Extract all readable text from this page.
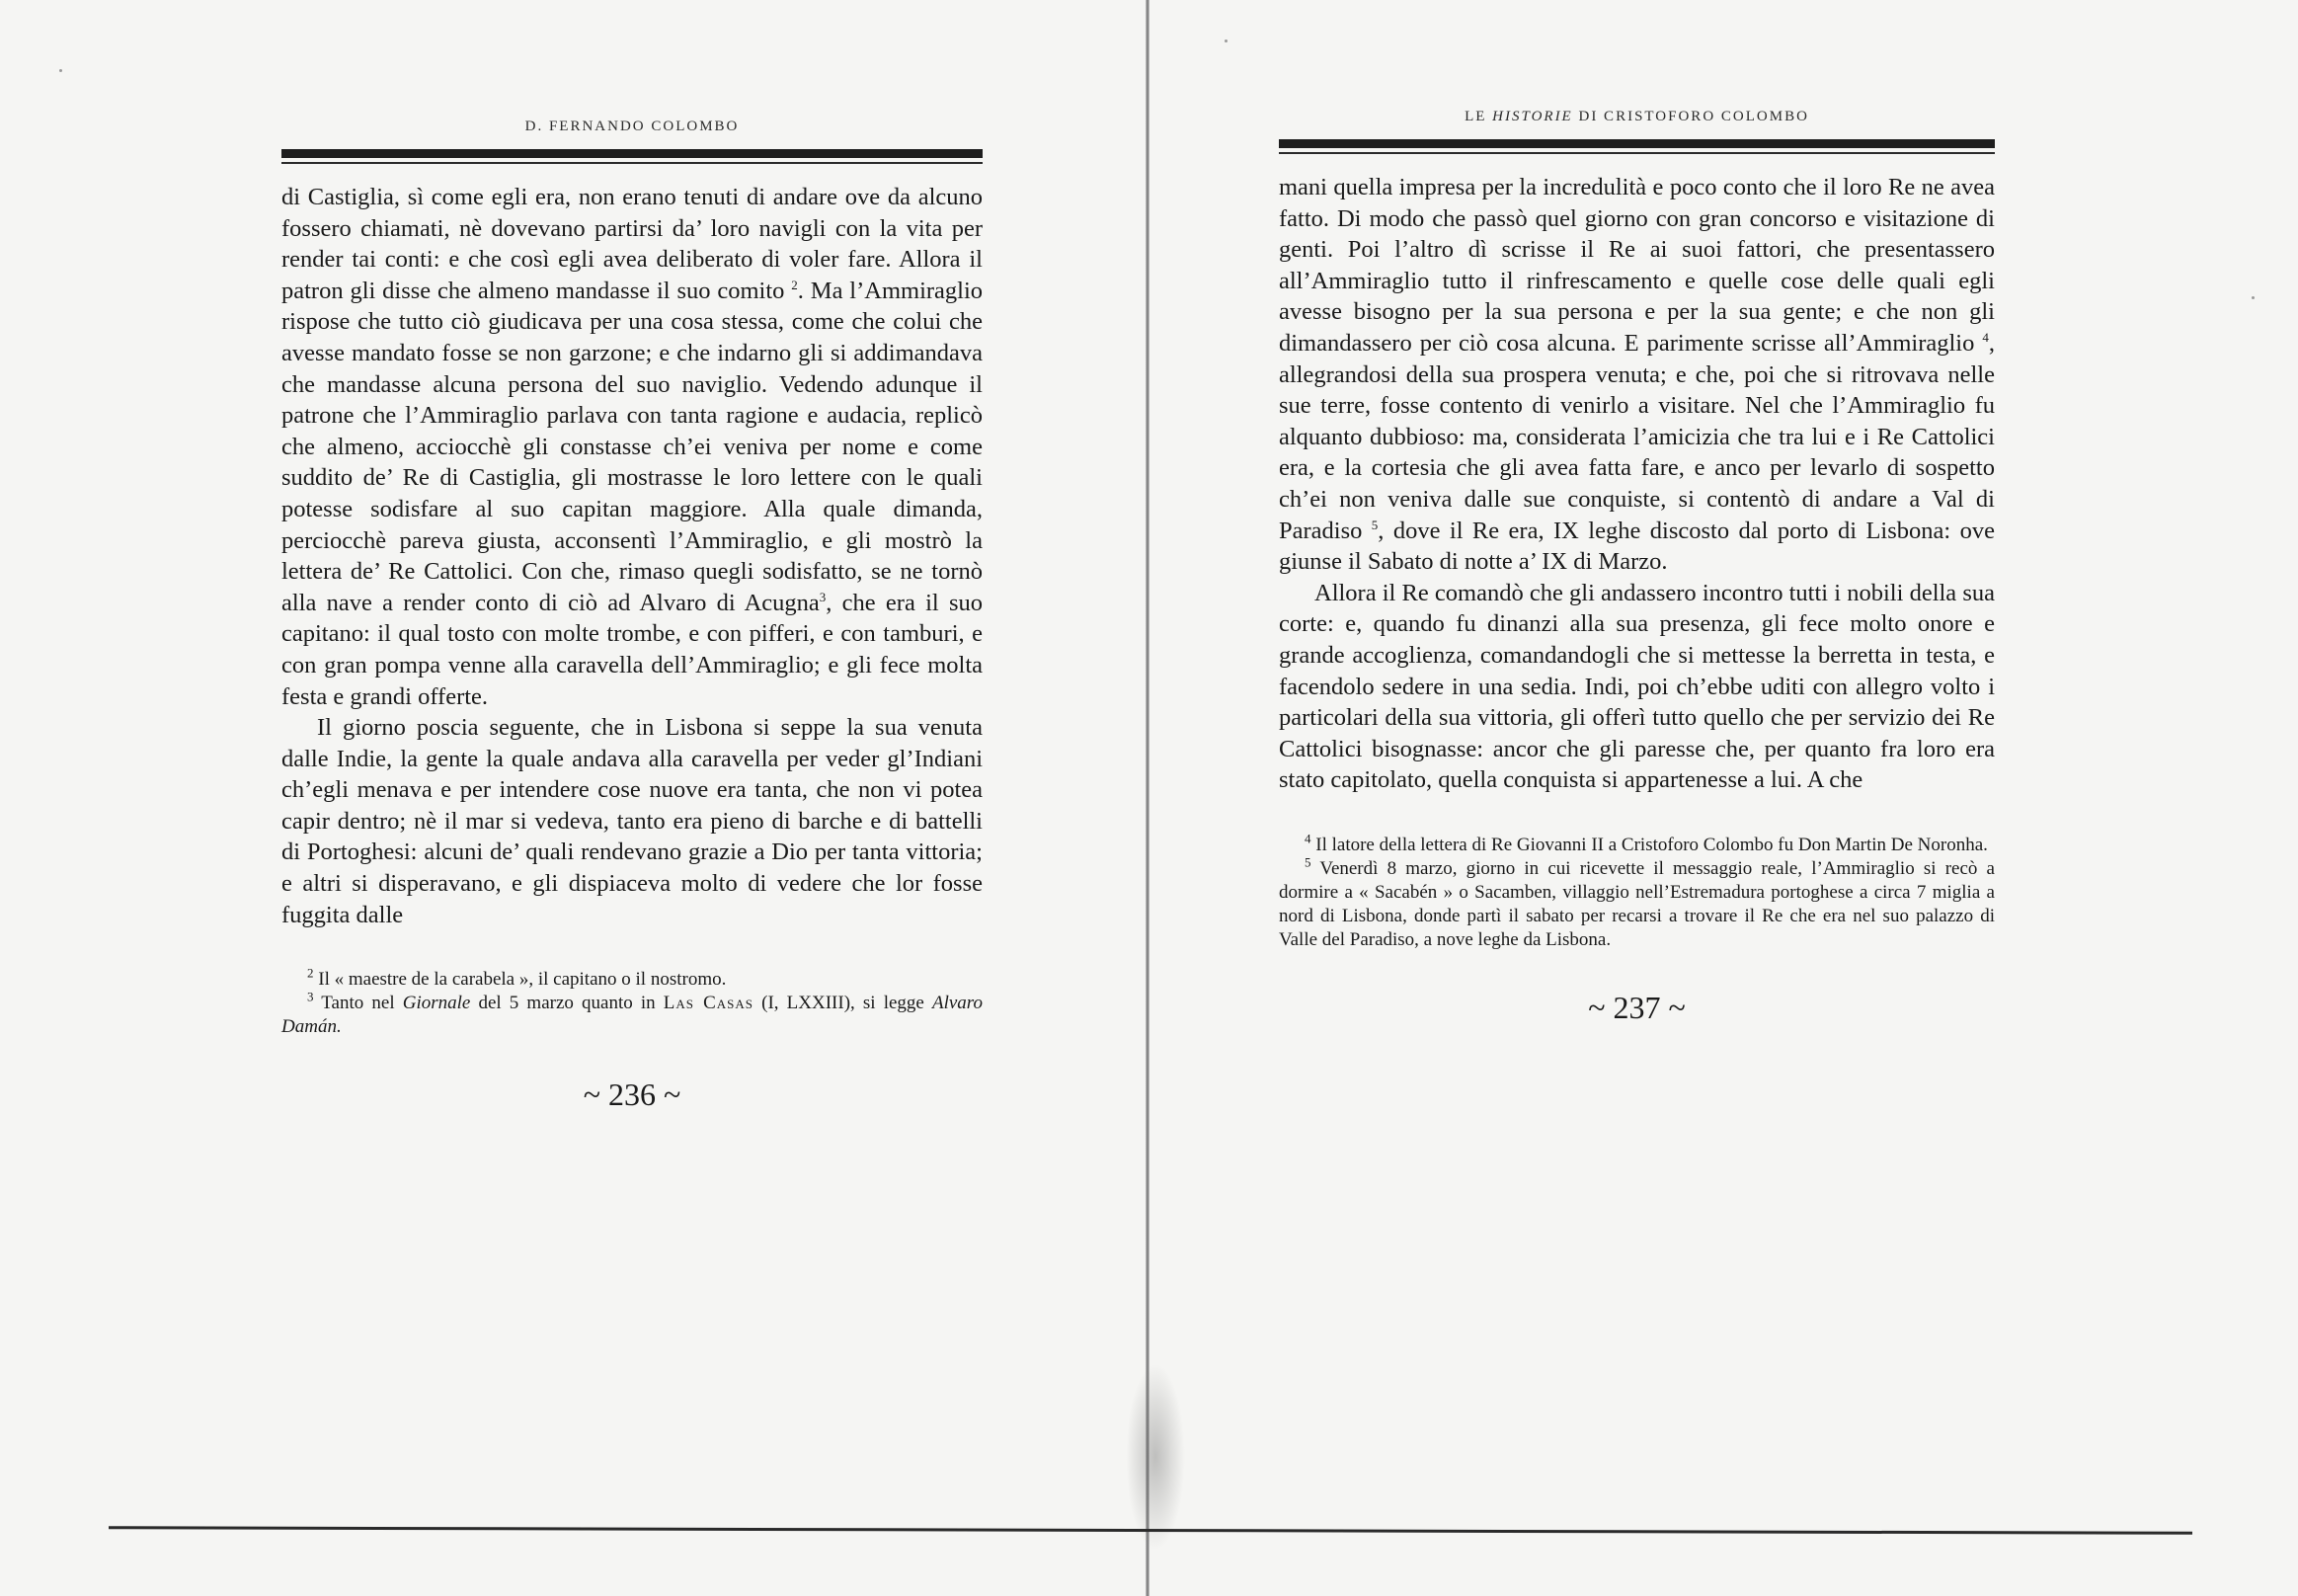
D. FERNANDO COLOMBO

di Castiglia, sì come egli era, non erano tenuti di andare ove da alcuno fossero chiamati, nè dovevano partirsi da’ loro navigli con la vita per render tai conti: e che così egli avea deliberato di voler fare. Allora il patron gli disse che almeno mandasse il suo comito $^2$. Ma l’Ammiraglio rispose che tutto ciò giudicava per una cosa stessa, come che colui che avesse mandato fosse se non garzone; e che indarno gli si addimandava che mandasse alcuna persona del suo naviglio. Vedendo adunque il patrone che l’Ammiraglio parlava con tanta ragione e audacia, replicò che almeno, acciocchè gli constasse ch’ei veniva per nome e come suddito de’ Re di Castiglia, gli mostrasse le loro lettere con le quali potesse sodisfare al suo capitan maggiore. Alla quale dimanda, perciocchè pareva giusta, acconsentì l’Ammiraglio, e gli mostrò la lettera de’ Re Cattolici. Con che, rimaso quegli sodisfatto, se ne tornò alla nave a render conto di ciò ad Alvaro di Acugna$^3$, che era il suo capitano: il qual tosto con molte trombe, e con pifferi, e con tamburi, e con gran pompa venne alla caravella dell’Ammiraglio; e gli fece molta festa e grandi offerte.

Il giorno poscia seguente, che in Lisbona si seppe la sua venuta dalle Indie, la gente la quale andava alla caravella per veder gl’Indiani ch’egli menava e per intendere cose nuove era tanta, che non vi potea capir dentro; nè il mar si vedeva, tanto era pieno di barche e di battelli di Portoghesi: alcuni de’ quali rendevano grazie a Dio per tanta vittoria; e altri si disperavano, e gli dispiaceva molto di vedere che lor fosse fuggita dalle

$^2$ Il « maestre de la carabela », il capitano o il nostromo.

$^3$ Tanto nel Giornale del 5 marzo quanto in Las Casas (I, LXXIII), si legge Alvaro Damán.

~ 236 ~
LE HISTORIE DI CRISTOFORO COLOMBO

mani quella impresa per la incredulità e poco conto che il loro Re ne avea fatto. Di modo che passò quel giorno con gran concorso e visitazione di genti. Poi l’altro dì scrisse il Re ai suoi fattori, che presentassero all’Ammiraglio tutto il rinfrescamento e quelle cose delle quali egli avesse bisogno per la sua persona e per la sua gente; e che non gli dimandassero per ciò cosa alcuna. E parimente scrisse all’Ammiraglio $^4$, allegrandosi della sua prospera venuta; e che, poi che si ritrovava nelle sue terre, fosse contento di venirlo a visitare. Nel che l’Ammiraglio fu alquanto dubbioso: ma, considerata l’amicizia che tra lui e i Re Cattolici era, e la cortesia che gli avea fatta fare, e anco per levarlo di sospetto ch’ei non veniva dalle sue conquiste, si contentò di andare a Val di Paradiso $^5$, dove il Re era, IX leghe discosto dal porto di Lisbona: ove giunse il Sabato di notte a’ IX di Marzo.

Allora il Re comandò che gli andassero incontro tutti i nobili della sua corte: e, quando fu dinanzi alla sua presenza, gli fece molto onore e grande accoglienza, comandandogli che si mettesse la berretta in testa, e facendolo sedere in una sedia. Indi, poi ch’ebbe uditi con allegro volto i particolari della sua vittoria, gli offerì tutto quello che per servizio dei Re Cattolici bisognasse: ancor che gli paresse che, per quanto fra loro era stato capitolato, quella conquista si appartenesse a lui. A che

$^4$ Il latore della lettera di Re Giovanni II a Cristoforo Colombo fu Don Martin De Noronha.

$^5$ Venerdì 8 marzo, giorno in cui ricevette il messaggio reale, l’Ammiraglio si recò a dormire a « Sacabén » o Sacamben, villaggio nell’Estremadura portoghese a circa 7 miglia a nord di Lisbona, donde partì il sabato per recarsi a trovare il Re che era nel suo palazzo di Valle del Paradiso, a nove leghe da Lisbona.

~ 237 ~
